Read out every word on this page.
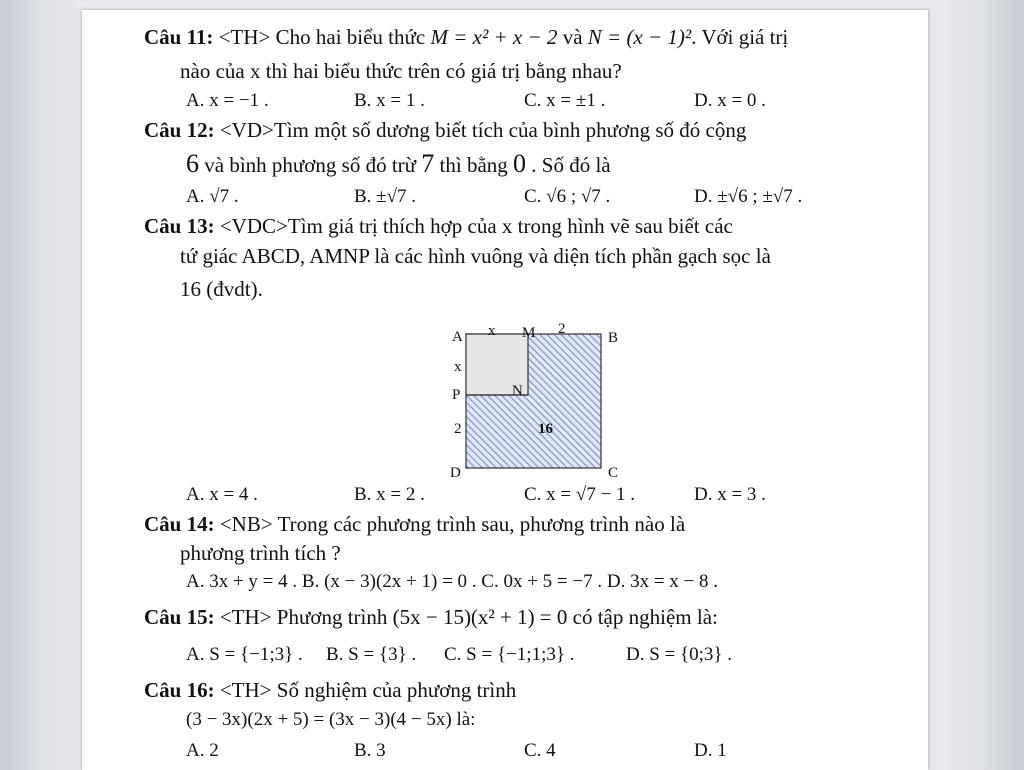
Câu 11: <TH> Cho hai biểu thức M = x² + x − 2 và N = (x − 1)². Với giá trị
nào của x thì hai biểu thức trên có giá trị bằng nhau?
A. x = −1 .	B. x = 1 .	C. x = ±1 .	D. x = 0 .
Câu 12: <VD>Tìm một số dương biết tích của bình phương số đó cộng
6 và bình phương số đó trừ 7 thì bằng 0 . Số đó là
A. √7 .	B. ±√7 .	C. √6 ; √7 .	D. ±√6 ; ±√7 .
Câu 13: <VDC>Tìm giá trị thích hợp của x trong hình vẽ sau biết các
tứ giác ABCD, AMNP là các hình vuông và diện tích phần gạch sọc là
16 (đvdt).
A x M 2
B
x
P	N
2	16
D	C
A. x = 4 .	B. x = 2 .	C. x = √7 − 1 .	D. x = 3 .
Câu 14: <NB> Trong các phương trình sau, phương trình nào là
phương trình tích ?
A. 3x + y = 4 . B. (x − 3)(2x + 1) = 0 . C. 0x + 5 = −7 . D. 3x = x − 8 .
Câu 15: <TH> Phương trình (5x − 15)(x² + 1) = 0 có tập nghiệm là:
A. S = {−1;3} . B. S = {3} . C. S = {−1;1;3} .	D. S = {0;3} .
Câu 16: <TH> Số nghiệm của phương trình
(3 − 3x)(2x + 5) = (3x − 3)(4 − 5x) là:
A. 2	B. 3	C. 4	D. 1
